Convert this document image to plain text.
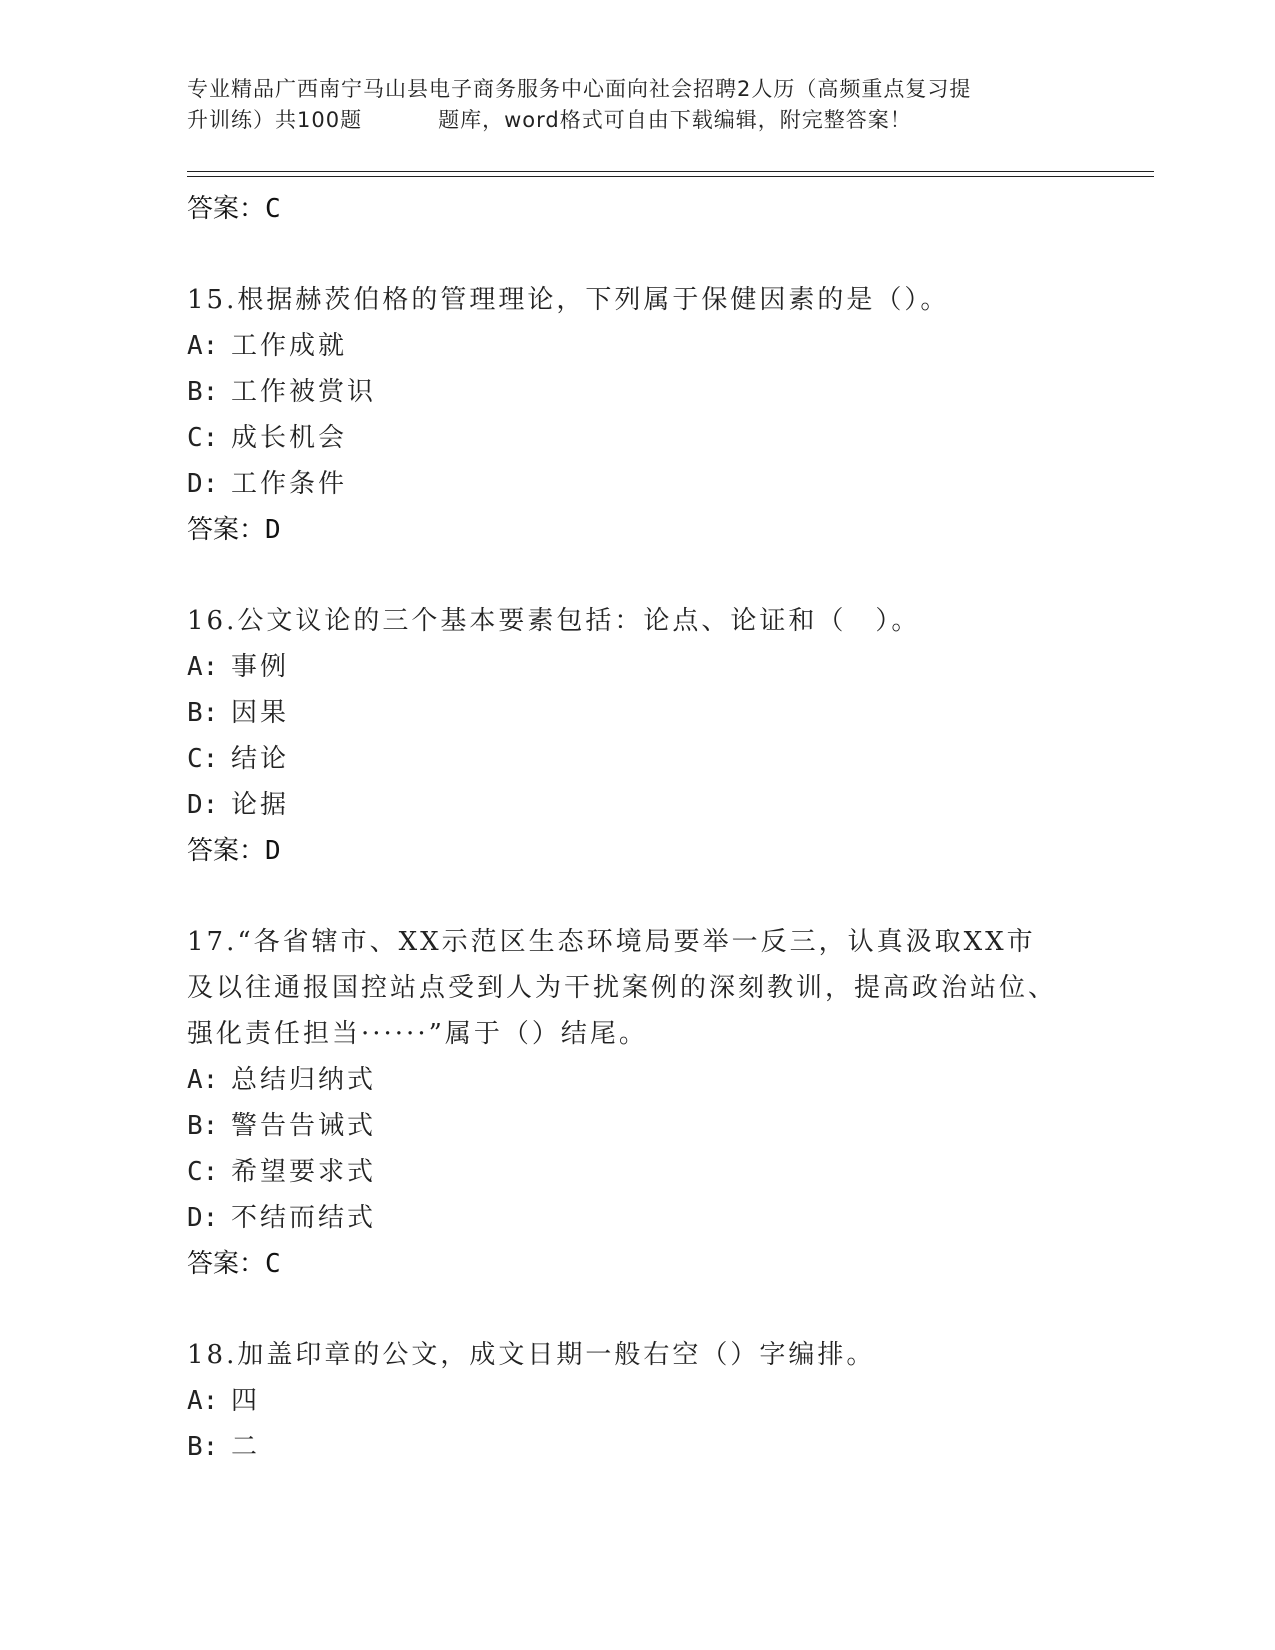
专业精品广西南宁马山县电子商务服务中心面向社会招聘2人历（高频重点复习提
升训练）共100题	题库，word格式可自由下载编辑，附完整答案！
答案：C
15.根据赫茨伯格的管理理论，下列属于保健因素的是（）。
A: 工作成就
B: 工作被赏识
C: 成长机会
D: 工作条件
答案：D
16.公文议论的三个基本要素包括：论点、论证和（　）。
A: 事例
B: 因果
C: 结论
D: 论据
答案：D
17.“各省辖市、XX示范区生态环境局要举一反三，认真汲取XX市及以往通报国控站点受到人为干扰案例的深刻教训，提高政治站位、强化责任担当······”属于（）结尾。
A: 总结归纳式
B: 警告告诫式
C: 希望要求式
D: 不结而结式
答案：C
18.加盖印章的公文，成文日期一般右空（）字编排。
A: 四
B: 二
